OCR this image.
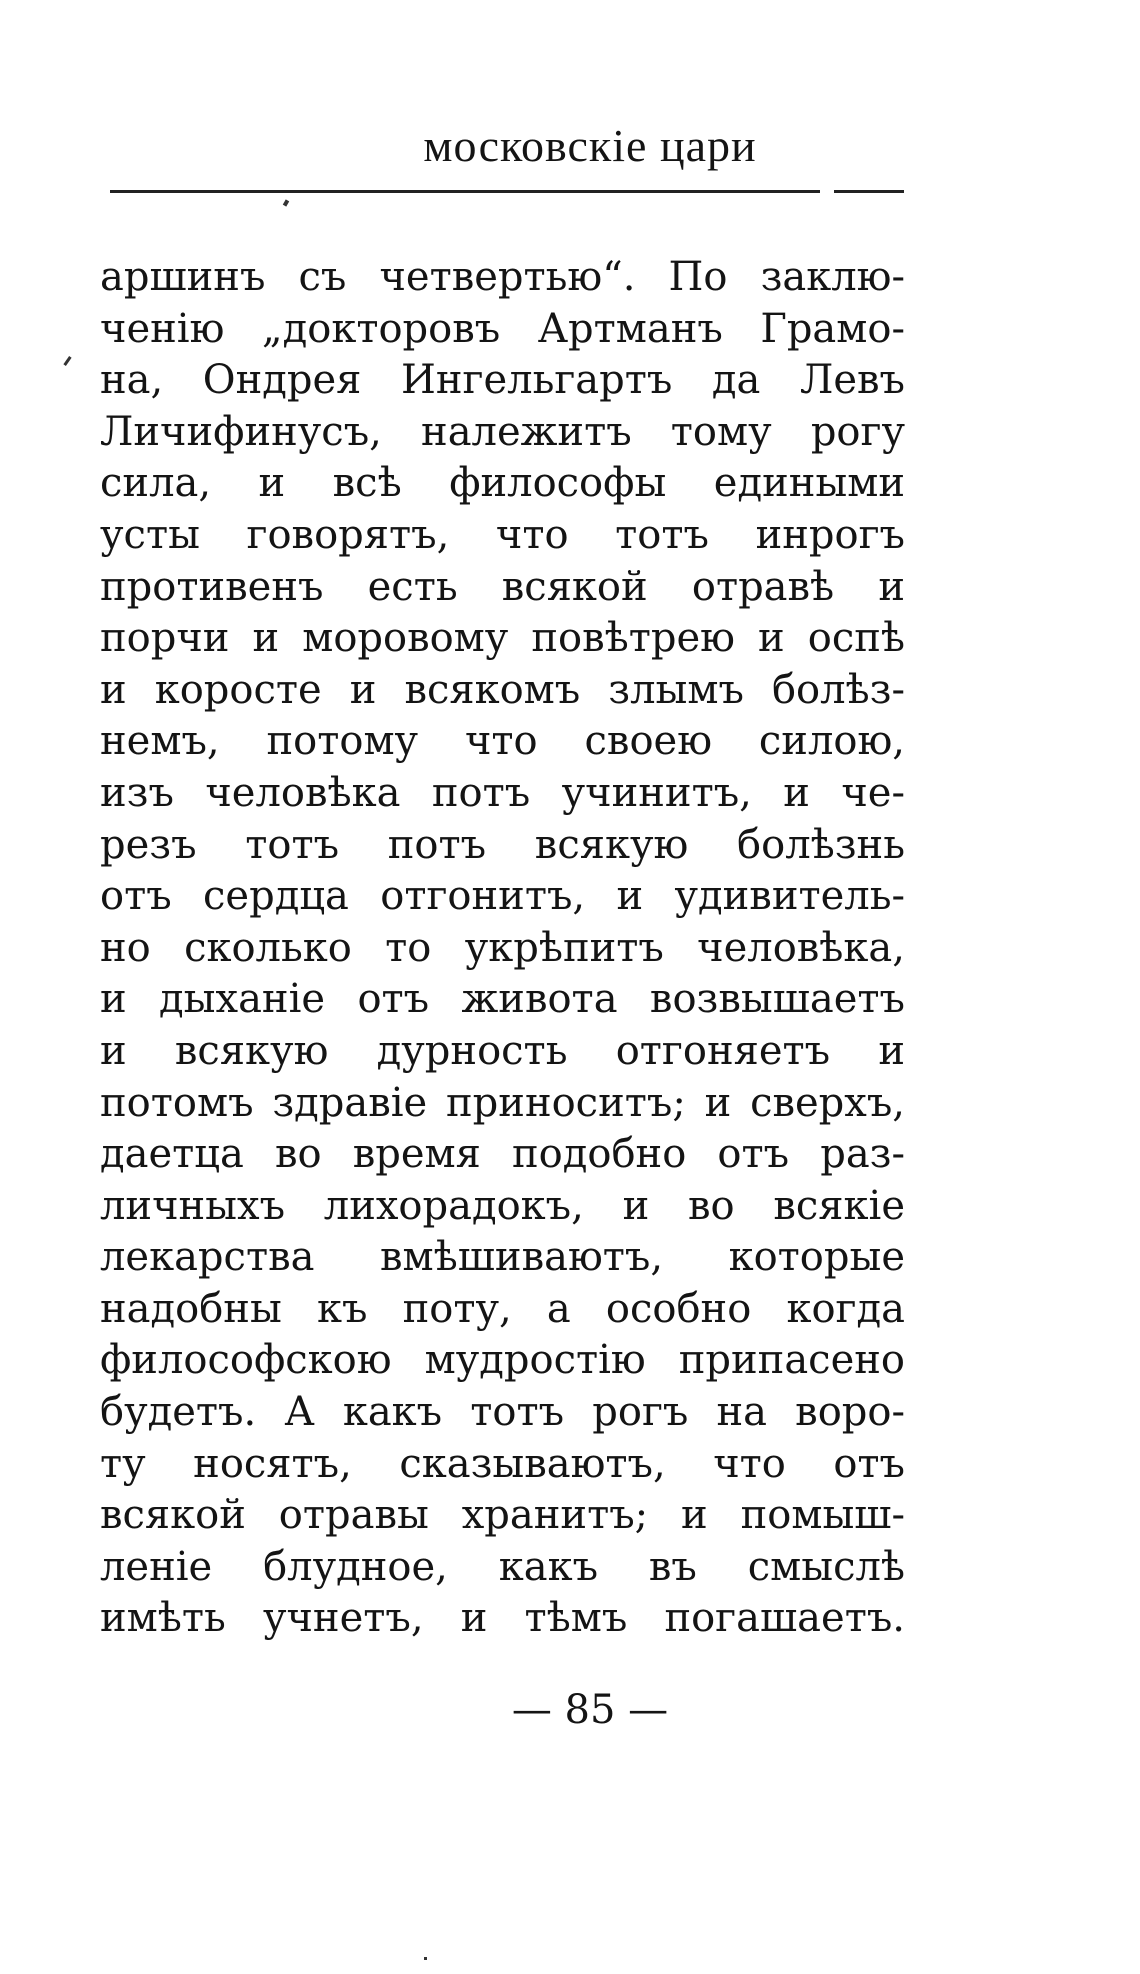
московскіе цари
аршинъ съ четвертью“. По заклю-
ченію „докторовъ Артманъ Грамо-
на, Ондрея Ингельгартъ да Левъ
Личифинусъ, належитъ тому рогу
сила, и всѣ философы едиными
усты говорятъ, что тотъ инрогъ
противенъ есть всякой отравѣ и
порчи и моровому повѣтрею и оспѣ
и коросте и всякомъ злымъ болѣз-
немъ, потому что своею силою,
изъ человѣка потъ учинитъ, и че-
резъ тотъ потъ всякую болѣзнь
отъ сердца отгонитъ, и удивитель-
но сколько то укрѣпитъ человѣка,
и дыханіе отъ живота возвышаетъ
и всякую дурность отгоняетъ и
потомъ здравіе приноситъ; и сверхъ,
даетца во время подобно отъ раз-
личныхъ лихорадокъ, и во всякіе
лекарства вмѣшиваютъ, которые
надобны къ поту, а особно когда
философскою мудростію припасено
будетъ. А какъ тотъ рогъ на воро-
ту носятъ, сказываютъ, что отъ
всякой отравы хранитъ; и помыш-
леніе блудное, какъ въ смыслѣ
имѣть учнетъ, и тѣмъ погашаетъ.
— 85 —
